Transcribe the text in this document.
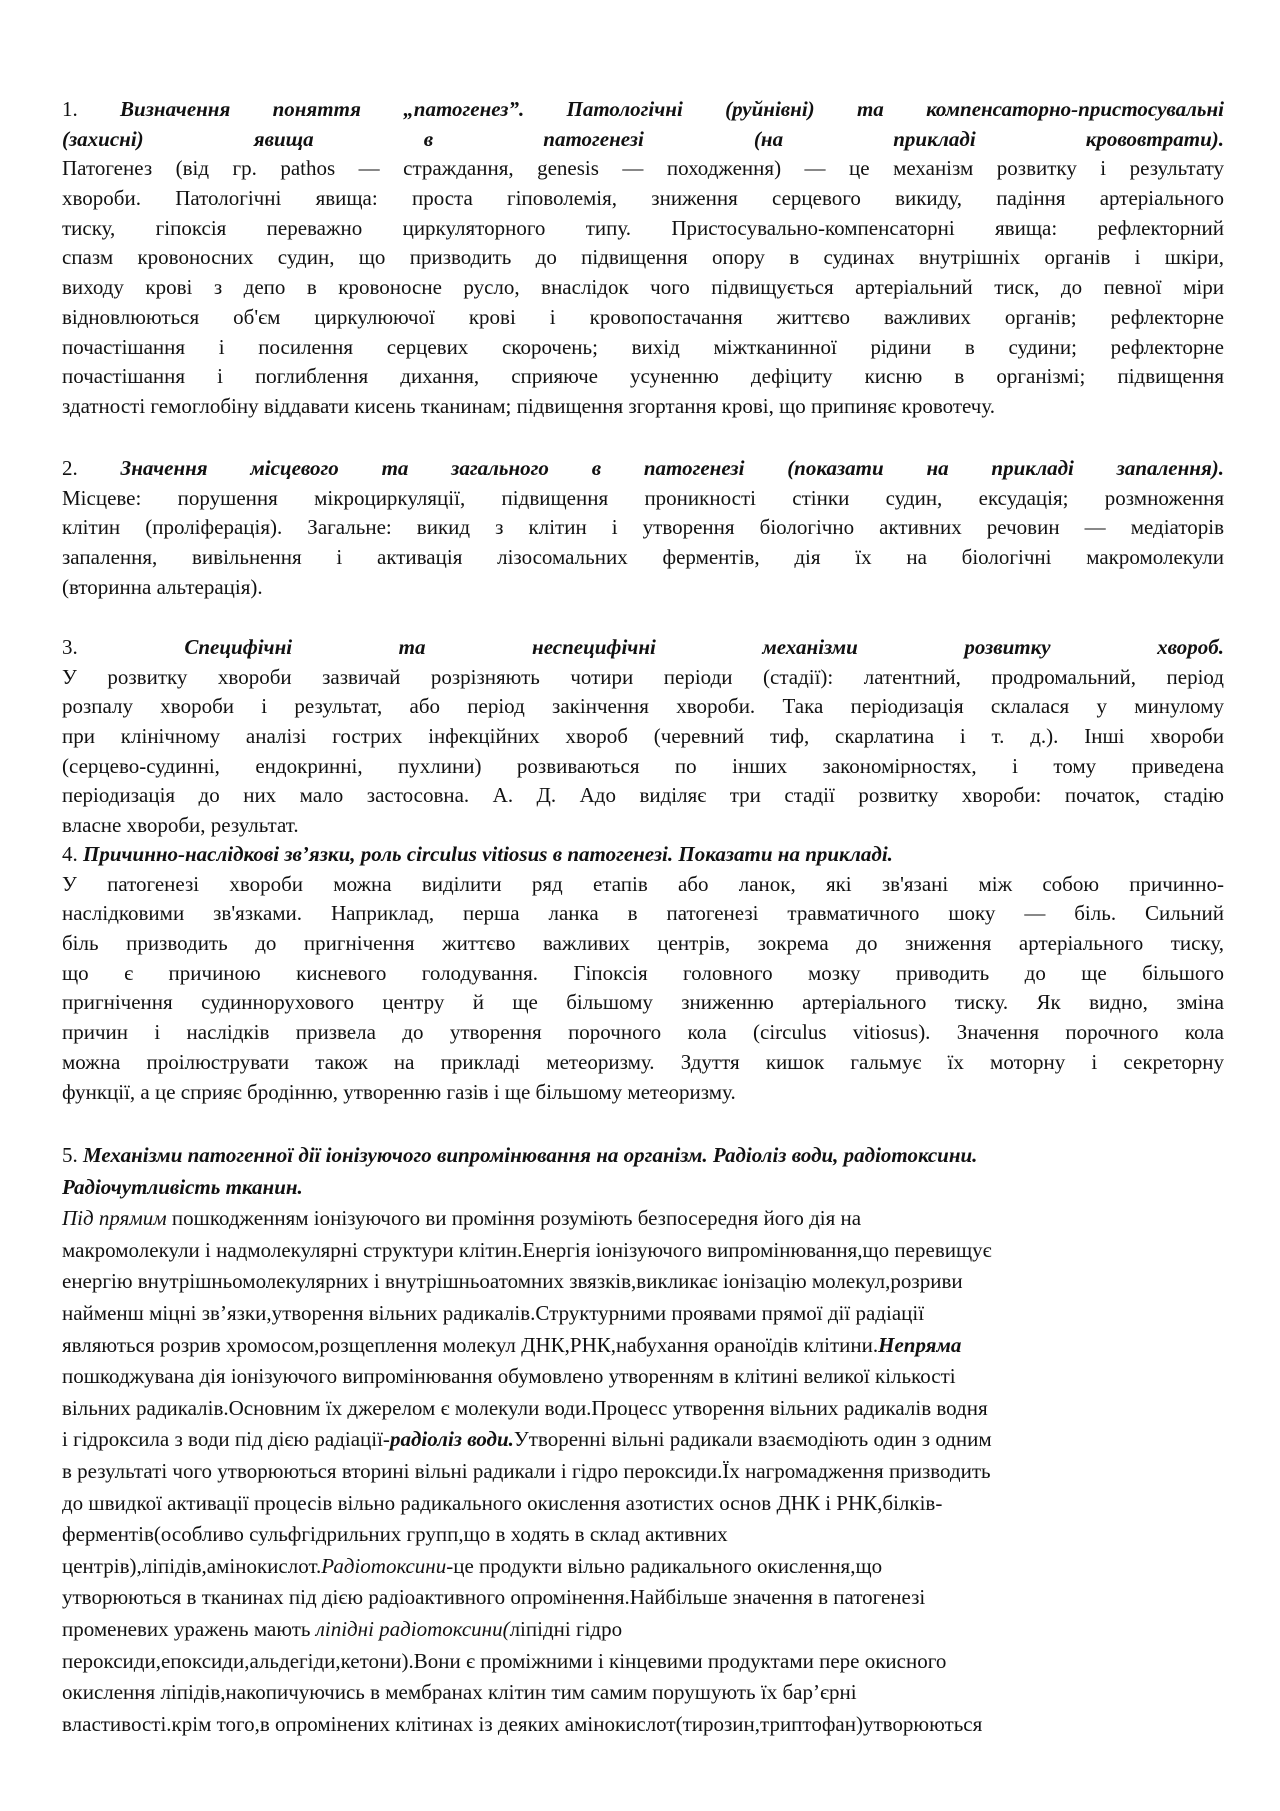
1. Визначення поняття „патогенез”. Патологічні (руйнівні) та компенсаторно-пристосувальні
(захисні) явища в патогенезі (на прикладі крововтрати).
Патогенез (від гр. pathos — страждання, genesis — походження) — це механізм розвитку і результату
хвороби. Патологічні явища: проста гіповолемія, зниження серцевого викиду, падіння артеріального
тиску, гіпоксія переважно циркуляторного типу. Пристосувально-компенсаторні явища: рефлекторний
спазм кровоносних судин, що призводить до підвищення опору в судинах внутрішніх органів і шкіри,
виходу крові з депо в кровоносне русло, внаслідок чого підвищується артеріальний тиск, до певної міри
відновлюються об'єм циркулюючої крові і кровопостачання життєво важливих органів; рефлекторне
почастішання і посилення серцевих скорочень; вихід міжтканинної рідини в судини; рефлекторне
почастішання і поглиблення дихання, сприяюче усуненню дефіциту кисню в організмі; підвищення
здатності гемоглобіну віддавати кисень тканинам; підвищення згортання крові, що припиняє кровотечу.
2. Значення місцевого та загального в патогенезі (показати на прикладі запалення).
Місцеве: порушення мікроциркуляції, підвищення проникності стінки судин, ексудація; розмноження
клітин (проліферація). Загальне: викид з клітин і утворення біологічно активних речовин — медіаторів
запалення, вивільнення і активація лізосомальних ферментів, дія їх на біологічні макромолекули
(вторинна альтерація).
3. Специфічні та неспецифічні механізми розвитку хвороб.
У розвитку хвороби зазвичай розрізняють чотири періоди (стадії): латентний, продромальний, період
розпалу хвороби і результат, або період закінчення хвороби. Така періодизація склалася у минулому
при клінічному аналізі гострих інфекційних хвороб (черевний тиф, скарлатина і т. д.). Інші хвороби
(серцево-судинні, ендокринні, пухлини) розвиваються по інших закономірностях, і тому приведена
періодизація до них мало застосовна. А. Д. Адо виділяє три стадії розвитку хвороби: початок, стадію
власне хвороби, результат.
4. Причинно-наслідкові зв’язки, роль circulus vitiosus в патогенезі. Показати на прикладі.
У патогенезі хвороби можна виділити ряд етапів або ланок, які зв'язані між собою причинно-
наслідковими зв'язками. Наприклад, перша ланка в патогенезі травматичного шоку — біль. Сильний
біль призводить до пригнічення життєво важливих центрів, зокрема до зниження артеріального тиску,
що є причиною кисневого голодування. Гіпоксія головного мозку приводить до ще більшого
пригнічення судиннорухового центру й ще більшому зниженню артеріального тиску. Як видно, зміна
причин і наслідків призвела до утворення порочного кола (circulus vitiosus). Значення порочного кола
можна проілюструвати також на прикладі метеоризму. Здуття кишок гальмує їх моторну і секреторну
функції, а це сприяє бродінню, утворенню газів і ще більшому метеоризму.
5. Механізми патогенної дії іонізуючого випромінювання на організм. Радіоліз води, радіотоксини.
Радіочутливість тканин.
Під прямим пошкодженням іонізуючого ви проміння розуміють безпосередня його дія на
макромолекули і надмолекулярні структури клітин.Енергія іонізуючого випромінювання,що перевищує
енергію внутрішньомолекулярних і внутрішньоатомних звязків,викликає іонізацію молекул,розриви
найменш міцні зв’язки,утворення вільних радикалів.Структурними проявами прямої дії радіації
являються розрив хромосом,розщеплення молекул ДНК,РНК,набухання ораноїдів клітини.Непряма
пошкоджувана дія іонізуючого випромінювання обумовлено утворенням в клітині великої кількості
вільних радикалів.Основним їх джерелом є молекули води.Процесс утворення вільних радикалів водня
і гідроксила з води під дією радіації-радіоліз води.Утворенні вільні радикали взаємодіють один з одним
в результаті чого утворюються вторині вільні радикали і гідро пероксиди.Їх нагромадження призводить
до швидкої активації процесів вільно радикального окислення азотистих основ ДНК і РНК,білків-
ферментів(особливо сульфгідрильних групп,що в ходять в склад активних
центрів),ліпідів,амінокислот.Радіотоксини-це продукти вільно радикального окислення,що
утворюються в тканинах під дією радіоактивного опромінення.Найбільше значення в патогенезі
променевих уражень мають ліпідні радіотоксини(ліпідні гідро
пероксиди,епоксиди,альдегіди,кетони).Вони є проміжними і кінцевими продуктами пере окисного
окислення ліпідів,накопичуючись в мембранах клітин тим самим порушують їх бар’єрні
властивості.крім того,в опромінених клітинах із деяких амінокислот(тирозин,триптофан)утворюються
